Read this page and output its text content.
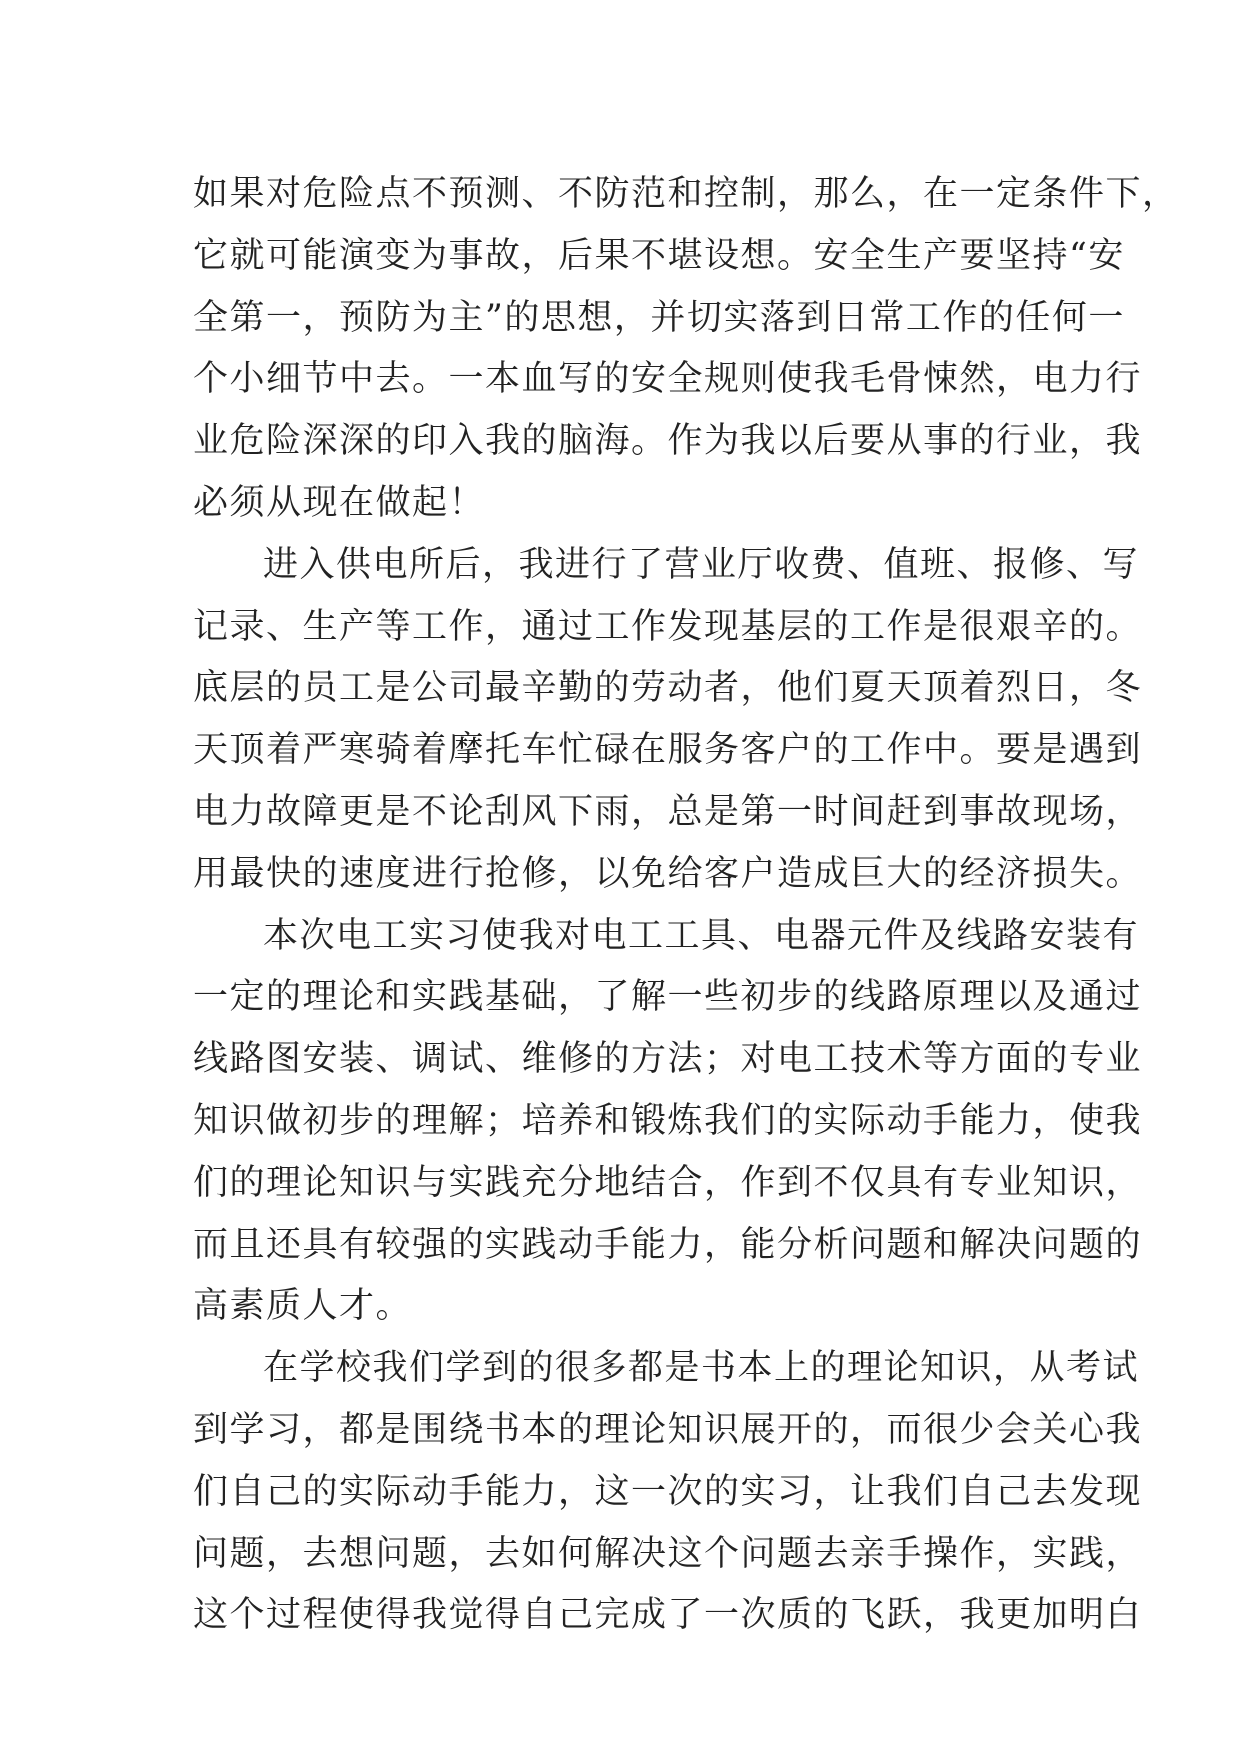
如果对危险点不预测、不防范和控制，那么，在一定条件下，
它就可能演变为事故，后果不堪设想。安全生产要坚持“安
全第一，预防为主”的思想，并切实落到日常工作的任何一
个小细节中去。一本血写的安全规则使我毛骨悚然，电力行
业危险深深的印入我的脑海。作为我以后要从事的行业，我
必须从现在做起！
进入供电所后，我进行了营业厅收费、值班、报修、写
记录、生产等工作，通过工作发现基层的工作是很艰辛的。
底层的员工是公司最辛勤的劳动者，他们夏天顶着烈日，冬
天顶着严寒骑着摩托车忙碌在服务客户的工作中。要是遇到
电力故障更是不论刮风下雨，总是第一时间赶到事故现场，
用最快的速度进行抢修，以免给客户造成巨大的经济损失。
本次电工实习使我对电工工具、电器元件及线路安装有
一定的理论和实践基础，了解一些初步的线路原理以及通过
线路图安装、调试、维修的方法；对电工技术等方面的专业
知识做初步的理解；培养和锻炼我们的实际动手能力，使我
们的理论知识与实践充分地结合，作到不仅具有专业知识，
而且还具有较强的实践动手能力，能分析问题和解决问题的
高素质人才。
在学校我们学到的很多都是书本上的理论知识，从考试
到学习，都是围绕书本的理论知识展开的，而很少会关心我
们自己的实际动手能力，这一次的实习，让我们自己去发现
问题，去想问题，去如何解决这个问题去亲手操作，实践，
这个过程使得我觉得自己完成了一次质的飞跃，我更加明白
